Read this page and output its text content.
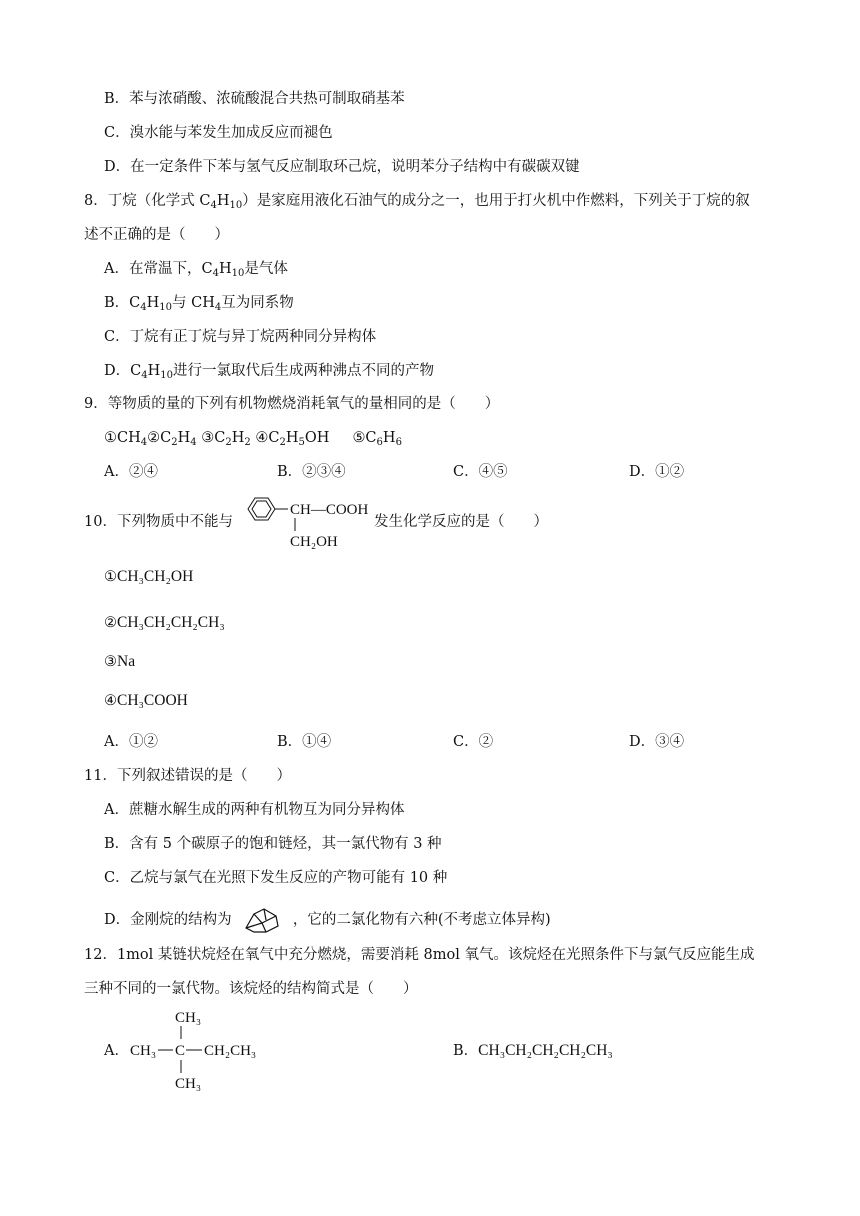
B．苯与浓硝酸、浓硫酸混合共热可制取硝基苯
C．溴水能与苯发生加成反应而褪色
D．在一定条件下苯与氢气反应制取环己烷，说明苯分子结构中有碳碳双键
8．丁烷（化学式 $C_4H_{10}$）是家庭用液化石油气的成分之一，也用于打火机中作燃料，下列关于丁烷的叙
述不正确的是（　　）
A．在常温下，$C_4H_{10}$是气体
B．$C_4H_{10}$与 $CH_4$互为同系物
C．丁烷有正丁烷与异丁烷两种同分异构体
D．$C_4H_{10}$进行一氯取代后生成两种沸点不同的产物
9．等物质的量的下列有机物燃烧消耗氧气的量相同的是（　　）
$①CH_4②C_2H_4$ $③C_2H_2$ $④C_2H_5OH$ $⑤C_6H_6$
A．②④	B．②③④	C．④⑤	D．①②
10．下列物质中不能与
CH—COOH
CH₂OH
发生化学反应的是（　　）
①CH₃CH₂OH
②CH₃CH₂CH₂CH₃
③Na
④CH₃COOH
A．①②	B．①④	C．②	D．③④
11．下列叙述错误的是（　　）
A．蔗糖水解生成的两种有机物互为同分异构体
B．含有 5 个碳原子的饱和链烃，其一氯代物有 3 种
C．乙烷与氯气在光照下发生反应的产物可能有 10 种
D．金刚烷的结构为	，它的二氯化物有六种(不考虑立体异构)
12．1mol 某链状烷烃在氧气中充分燃烧，需要消耗 8mol 氧气。该烷烃在光照条件下与氯气反应能生成
三种不同的一氯代物。该烷烃的结构简式是（　　）
A．
CH₃
CH₃ C CH₂CH₃
CH₃
B．CH₃CH₂CH₂CH₂CH₃
